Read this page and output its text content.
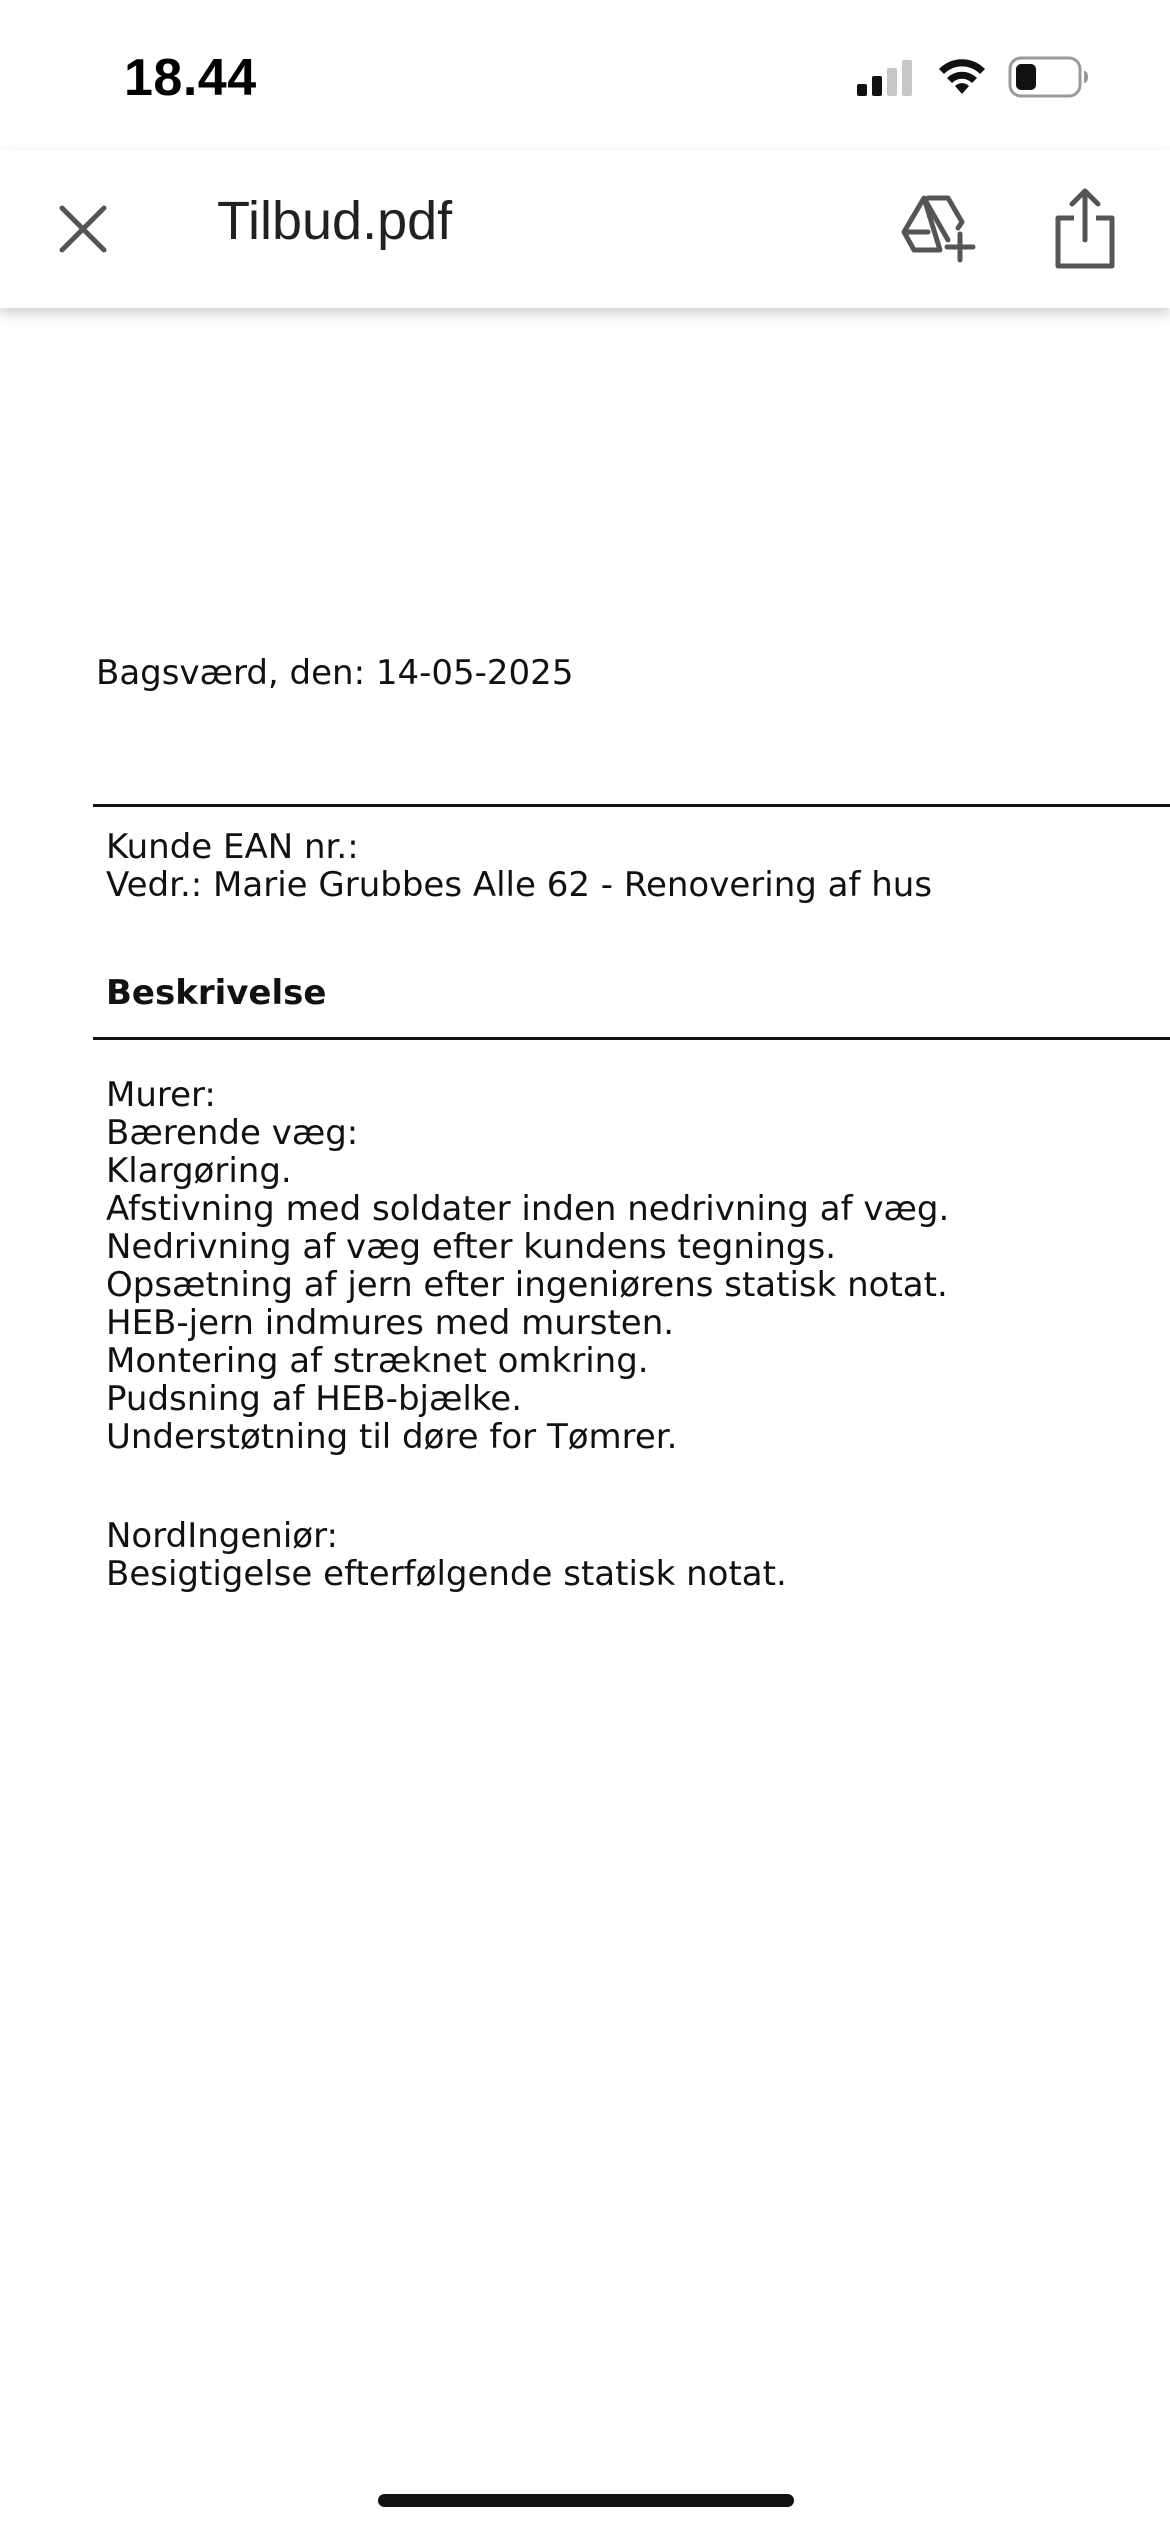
18.44
Tilbud.pdf

Bagsværd, den: 14-05-2025

Kunde EAN nr.:

Vedr.: Marie Grubbes Alle 62 - Renovering af hus

Beskrivelse

Murer:

Bærende væg:

Klargøring.

Afstivning med soldater inden nedrivning af væg.

Nedrivning af væg efter kundens tegnings.

Opsætning af jern efter ingeniørens statisk notat.

HEB-jern indmures med mursten.

Montering af stræknet omkring.

Pudsning af HEB-bjælke.

Understøtning til døre for Tømrer.

NordIngeniør:

Besigtigelse efterfølgende statisk notat.
